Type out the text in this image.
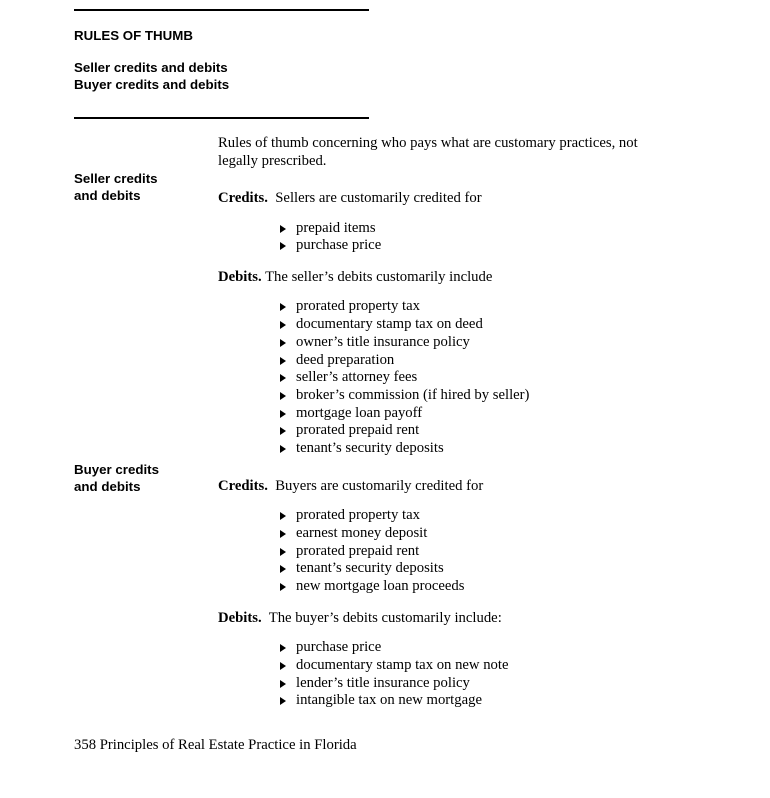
RULES OF THUMB
Seller credits and debits
Buyer credits and debits

Rules of thumb concerning who pays what are customary practices, not legally prescribed.

Credits.  Sellers are customarily credited for

prepaid items
purchase price

Debits. The seller’s debits customarily include

prorated property tax
documentary stamp tax on deed
owner’s title insurance policy
deed preparation
seller’s attorney fees
broker’s commission (if hired by seller)
mortgage loan payoff
prorated prepaid rent
tenant’s security deposits

Credits.  Buyers are customarily credited for

prorated property tax
earnest money deposit
prorated prepaid rent
tenant’s security deposits
new mortgage loan proceeds

Debits.  The buyer’s debits customarily include:

purchase price
documentary stamp tax on new note
lender’s title insurance policy
intangible tax on new mortgage
358 Principles of Real Estate Practice in Florida
Seller credits
and debits
Buyer credits
and debits
